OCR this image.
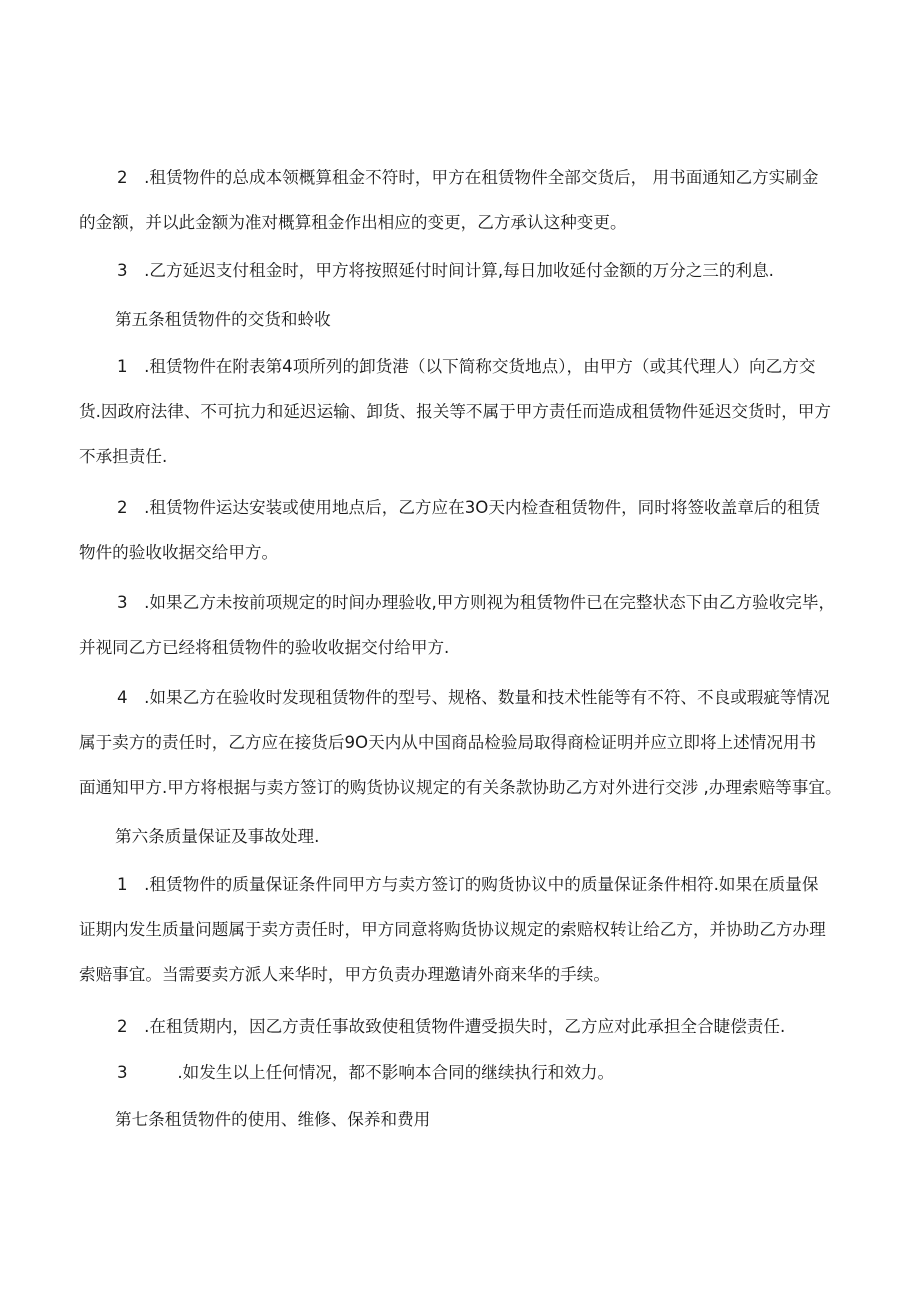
2　.租赁物件的总成本领概算租金不符时，甲方在租赁物件全部交货后， 用书面通知乙方实刷金
的金额，并以此金额为准对概算租金作出相应的变更，乙方承认这种变更。

3　.乙方延迟支付租金时，甲方将按照延付时间计算,每日加收延付金额的万分之三的利息.

第五条租赁物件的交货和蛉收

1　.租赁物件在附表第4项所列的卸货港（以下简称交货地点），由甲方（或其代理人）向乙方交
货.因政府法律、不可抗力和延迟运输、卸货、报关等不属于甲方责任而造成租赁物件延迟交货时，甲方
不承担责任.

2　.租赁物件运达安装或使用地点后，乙方应在3O天内检查租赁物件，同时将签收盖章后的租赁
物件的验收收据交给甲方。

3　.如果乙方未按前项规定的时间办理验收,甲方则视为租赁物件已在完整状态下由乙方验收完毕，
并视同乙方已经将租赁物件的验收收据交付给甲方.

4　.如果乙方在验收时发现租赁物件的型号、规格、数量和技术性能等有不符、不良或瑕疵等情况
属于卖方的责任时，乙方应在接货后9O天内从中国商品检验局取得商检证明并应立即将上述情况用书
面通知甲方.甲方将根据与卖方签订的购货协议规定的有关条款协助乙方对外进行交涉 ,办理索赔等事宜。

第六条质量保证及事故处理.

1　.租赁物件的质量保证条件同甲方与卖方签订的购货协议中的质量保证条件相符.如果在质量保
证期内发生质量问题属于卖方责任时，甲方同意将购货协议规定的索赔权转让给乙方，并协助乙方办理
索赔事宜。当需要卖方派人来华时，甲方负责办理邀请外商来华的手续。

2　.在租赁期内，因乙方责任事故致使租赁物件遭受损失时，乙方应对此承担全合睫偿责任.

3　　　.如发生以上任何情况，都不影响本合同的继续执行和效力。

第七条租赁物件的使用、维修、保养和费用
